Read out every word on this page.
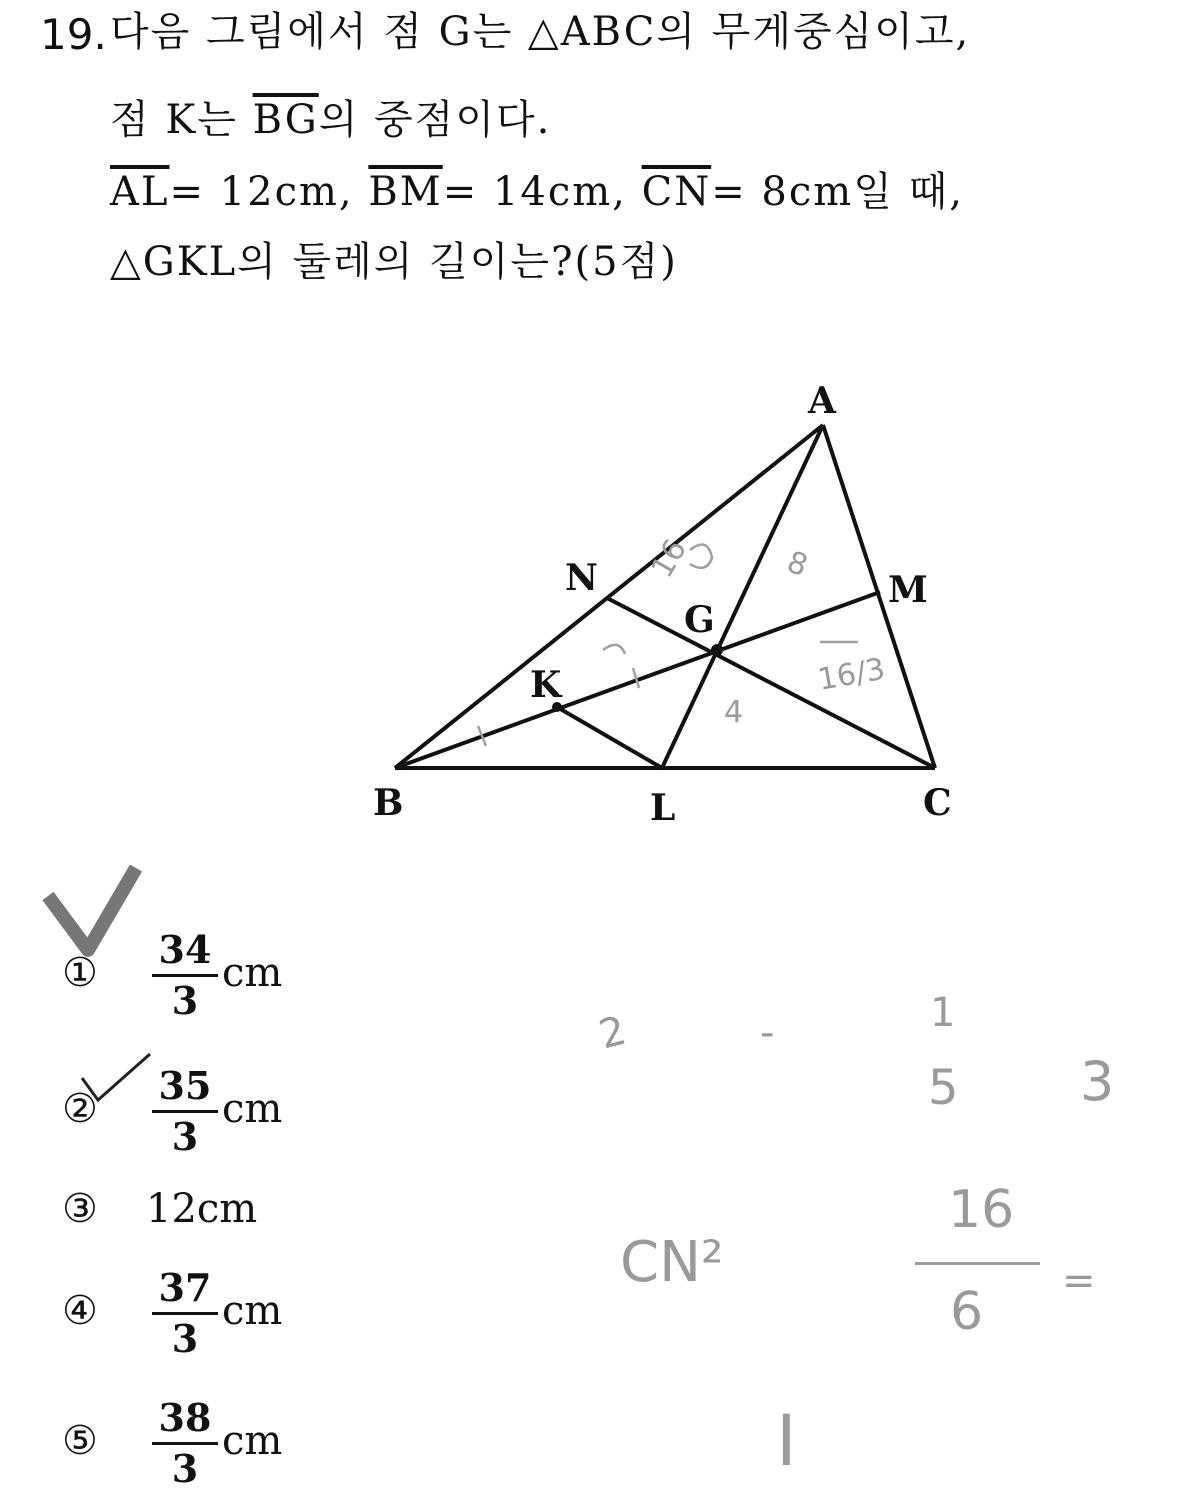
19. 다음 그림에서 점 G는 △ABC의 무게중심이고,
점 K는 $\overline{BG}$의 중점이다.
$\overline{AL}= 12cm$, $\overline{BM}= 14cm$, $\overline{CN}= 8cm$일 때,
△GKL의 둘레의 길이는?(5점)
8
16
4
16/3
A
B	C
L
M
N
G
K
①
34
3
cm
②
35
3
cm
③ 12cm
④
37
3
cm
⑤
38
3
cm
2	-	1
5 3
CN²
16
6
=
I
